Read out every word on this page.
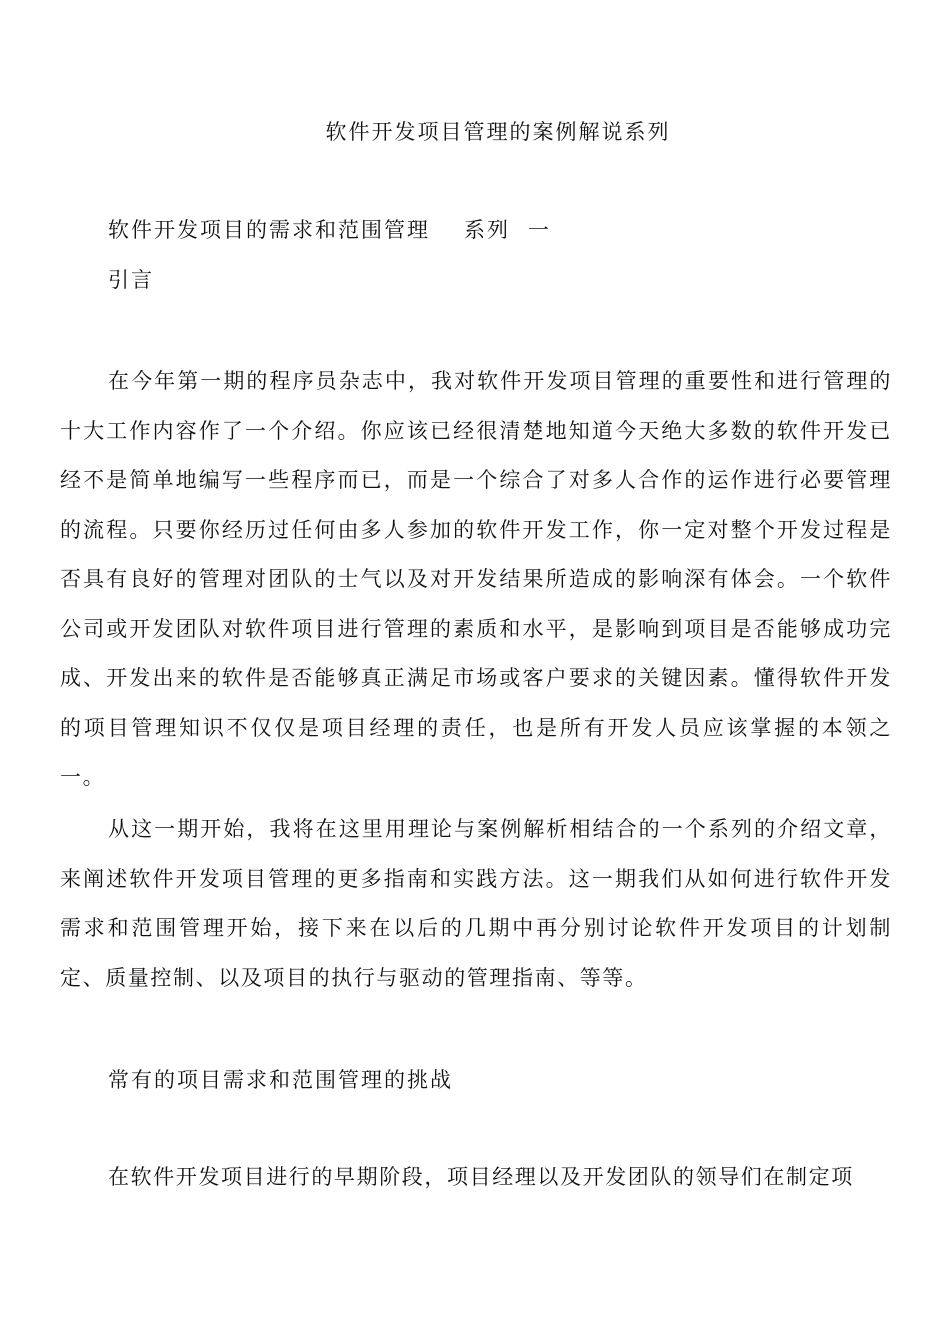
软件开发项目管理的案例解说系列
软件开发项目的需求和范围管理 系列 一
引言

在今年第一期的程序员杂志中，我对软件开发项目管理的重要性和进行管理的十大工作内容作了一个介绍。你应该已经很清楚地知道今天绝大多数的软件开发已经不是简单地编写一些程序而已，而是一个综合了对多人合作的运作进行必要管理的流程。只要你经历过任何由多人参加的软件开发工作，你一定对整个开发过程是否具有良好的管理对团队的士气以及对开发结果所造成的影响深有体会。一个软件公司或开发团队对软件项目进行管理的素质和水平，是影响到项目是否能够成功完成、开发出来的软件是否能够真正满足市场或客户要求的关键因素。懂得软件开发的项目管理知识不仅仅是项目经理的责任，也是所有开发人员应该掌握的本领之一。

从这一期开始，我将在这里用理论与案例解析相结合的一个系列的介绍文章，来阐述软件开发项目管理的更多指南和实践方法。这一期我们从如何进行软件开发需求和范围管理开始，接下来在以后的几期中再分别讨论软件开发项目的计划制定、质量控制、以及项目的执行与驱动的管理指南、等等。

常有的项目需求和范围管理的挑战

在软件开发项目进行的早期阶段，项目经理以及开发团队的领导们在制定项
